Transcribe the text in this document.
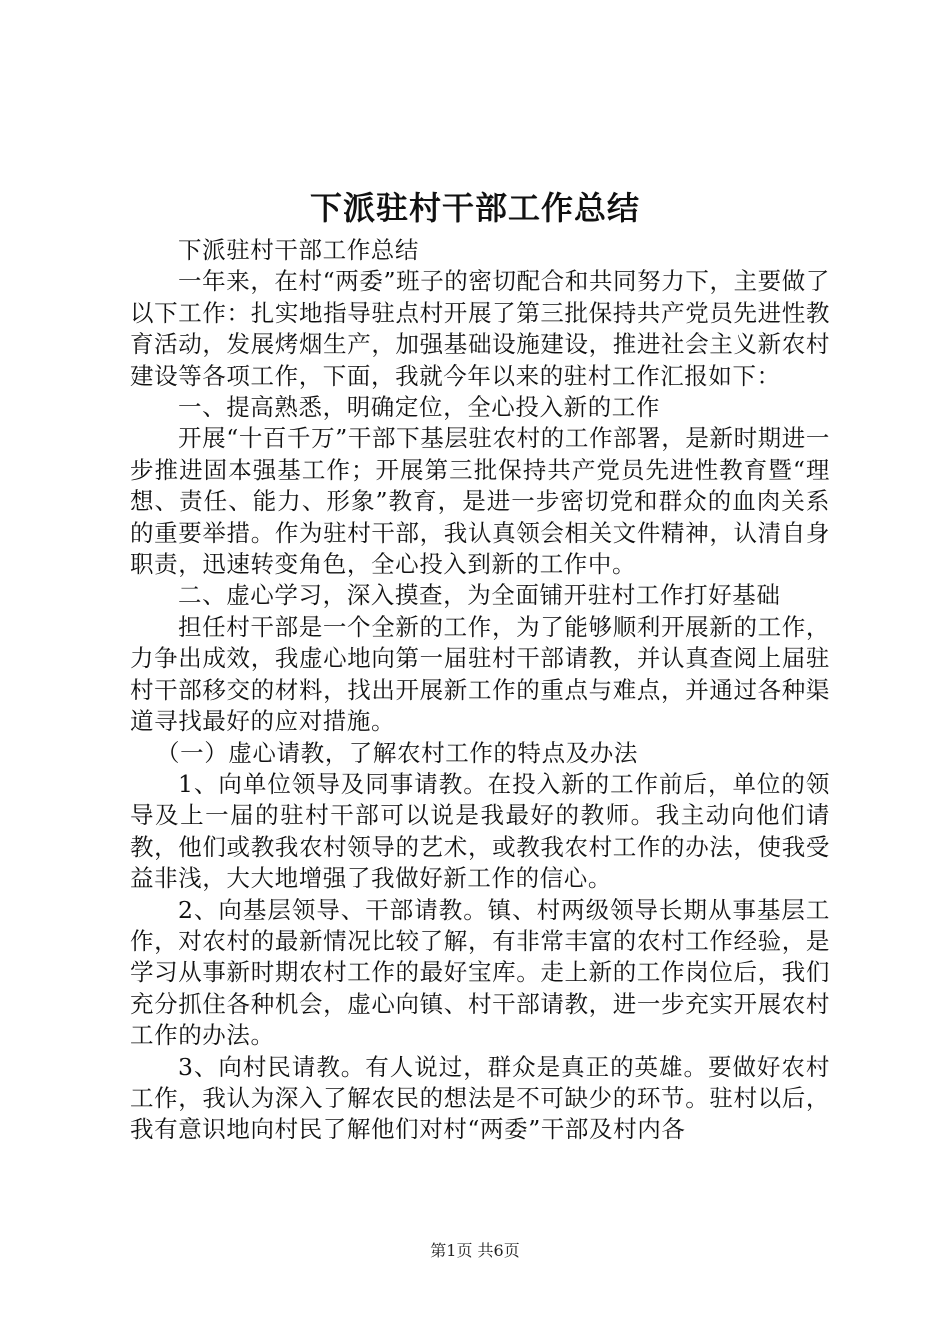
下派驻村干部工作总结

下派驻村干部工作总结

一年来，在村“两委”班子的密切配合和共同努力下，主要做了以下工作：扎实地指导驻点村开展了第三批保持共产党员先进性教育活动，发展烤烟生产，加强基础设施建设，推进社会主义新农村建设等各项工作，下面，我就今年以来的驻村工作汇报如下：

一、提高熟悉，明确定位，全心投入新的工作

开展“十百千万”干部下基层驻农村的工作部署，是新时期进一步推进固本强基工作；开展第三批保持共产党员先进性教育暨“理想、责任、能力、形象”教育，是进一步密切党和群众的血肉关系的重要举措。作为驻村干部，我认真领会相关文件精神，认清自身职责，迅速转变角色，全心投入到新的工作中。

二、虚心学习，深入摸查，为全面铺开驻村工作打好基础

担任村干部是一个全新的工作，为了能够顺利开展新的工作，力争出成效，我虚心地向第一届驻村干部请教，并认真查阅上届驻村干部移交的材料，找出开展新工作的重点与难点，并通过各种渠道寻找最好的应对措施。

（一）虚心请教，了解农村工作的特点及办法

1、向单位领导及同事请教。在投入新的工作前后，单位的领导及上一届的驻村干部可以说是我最好的教师。我主动向他们请教，他们或教我农村领导的艺术，或教我农村工作的办法，使我受益非浅，大大地增强了我做好新工作的信心。

2、向基层领导、干部请教。镇、村两级领导长期从事基层工作，对农村的最新情况比较了解，有非常丰富的农村工作经验，是学习从事新时期农村工作的最好宝库。走上新的工作岗位后，我们充分抓住各种机会，虚心向镇、村干部请教，进一步充实开展农村工作的办法。

3、向村民请教。有人说过，群众是真正的英雄。要做好农村工作，我认为深入了解农民的想法是不可缺少的环节。驻村以后，我有意识地向村民了解他们对村“两委”干部及村内各

第1页 共6页
